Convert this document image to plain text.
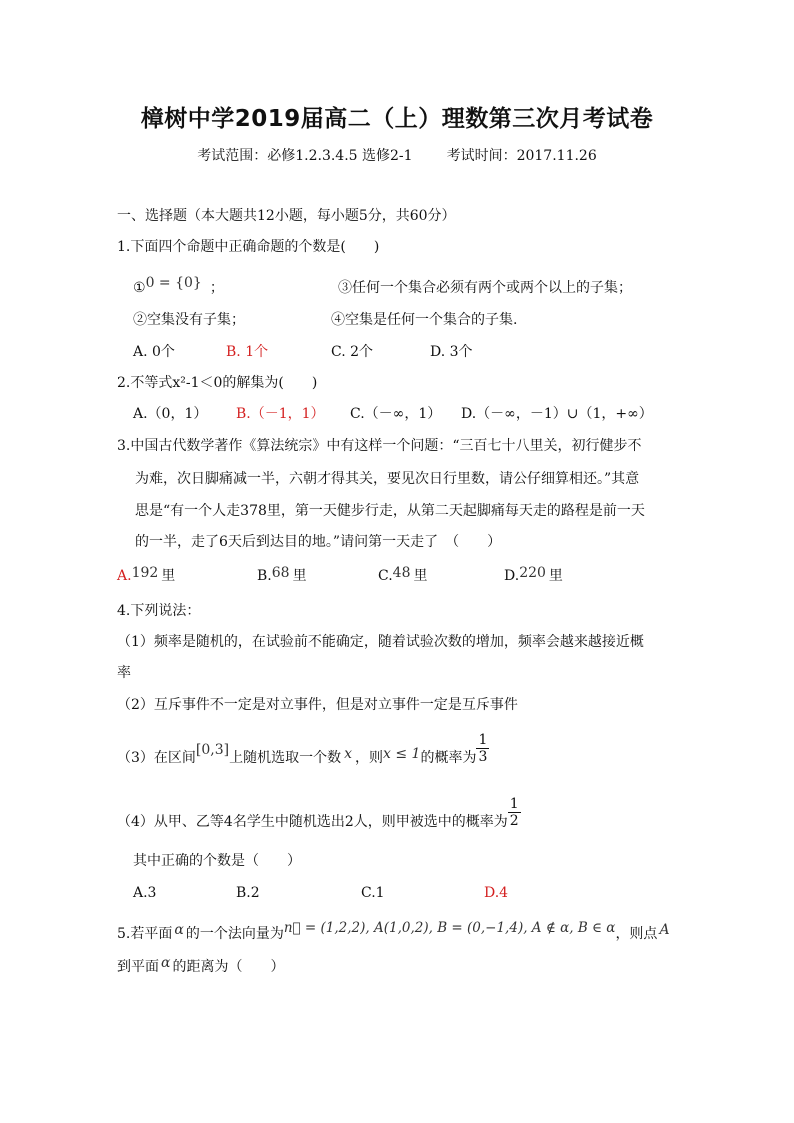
樟树中学2019届高二（上）理数第三次月考试卷
考试范围：必修1.2.3.4.5 选修2-1 考试时间：2017.11.26
一、选择题（本大题共12小题，每小题5分，共60分）
1.下面四个命题中正确命题的个数是(　　)
①0 = {0} ；	③任何一个集合必须有两个或两个以上的子集；
②空集没有子集；	④空集是任何一个集合的子集.
A. 0个	B. 1个	C. 2个	D. 3个
2.不等式x²-1＜0的解集为(　　)
A.（0，1） B.（－1，1） C.（－∞，1） D.（－∞，－1）∪（1，+∞）
3.中国古代数学著作《算法统宗》中有这样一个问题：“三百七十八里关，初行健步不
为难，次日脚痛减一半，六朝才得其关，要见次日行里数，请公仔细算相还。”其意
思是“有一个人走378里，第一天健步行走，从第二天起脚痛每天走的路程是前一天
的一半，走了6天后到达目的地。”请问第一天走了　（　　）
A.192 里	B.68 里	C.48 里	D.220 里
4.下列说法：
（1）频率是随机的，在试验前不能确定，随着试验次数的增加，频率会越来越接近概
率
（2）互斥事件不一定是对立事件，但是对立事件一定是互斥事件
（3）在区间[0,3]上随机选取一个数 x ，则x ≤ 1的概率为 $\frac{1}{3}$
（4）从甲、乙等4名学生中随机选出2人，则甲被选中的概率为 $\frac{1}{2}$
其中正确的个数是（　　）
A.3	B.2	C.1	D.4
5.若平面 α 的一个法向量为n⃗ = (1,2,2), A(1,0,2), B = (0,−1,4), A ∉ α, B ∈ α，则点 A
到平面 α 的距离为（　　）
